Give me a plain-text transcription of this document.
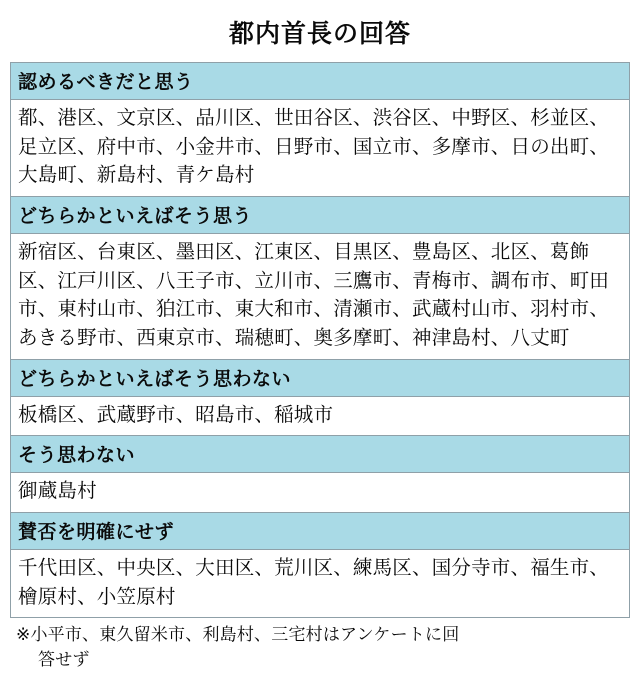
都内首長の回答
認めるべきだと思う
都、港区、文京区、品川区、世田谷区、渋谷区、中野区、杉並区、足立区、府中市、小金井市、日野市、国立市、多摩市、日の出町、大島町、新島村、青ケ島村
どちらかといえばそう思う
新宿区、台東区、墨田区、江東区、目黒区、豊島区、北区、葛飾区、江戸川区、八王子市、立川市、三鷹市、青梅市、調布市、町田市、東村山市、狛江市、東大和市、清瀬市、武蔵村山市、羽村市、あきる野市、西東京市、瑞穂町、奥多摩町、神津島村、八丈町
どちらかといえばそう思わない
板橋区、武蔵野市、昭島市、稲城市
そう思わない
御蔵島村
賛否を明確にせず
千代田区、中央区、大田区、荒川区、練馬区、国分寺市、福生市、檜原村、小笠原村
※小平市、東久留米市、利島村、三宅村はアンケートに回
答せず
